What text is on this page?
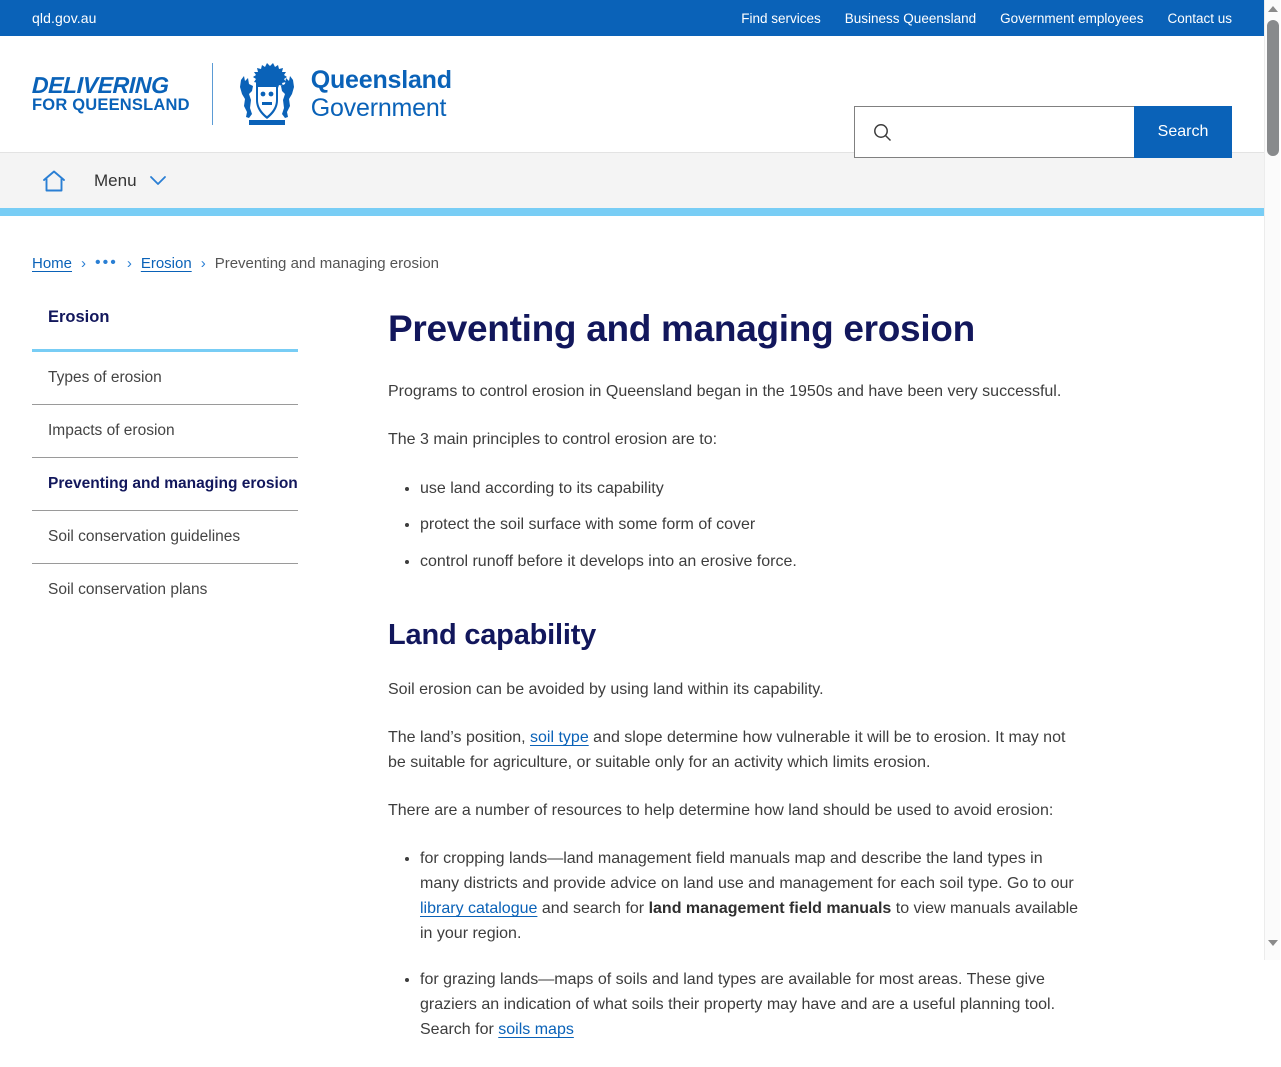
qld.gov.au	Find services Business Queensland Government employees Contact us
DELIVERING
FOR QUEENSLAND
Queensland
Government
Search
Menu
Home › ••• › Erosion › Preventing and managing erosion
Erosion
Types of erosion
Impacts of erosion
Preventing and managing erosion
Soil conservation guidelines
Soil conservation plans
Preventing and managing erosion

Programs to control erosion in Queensland began in the 1950s and have been very successful.

The 3 main principles to control erosion are to:

• use land according to its capability
• protect the soil surface with some form of cover
• control runoff before it develops into an erosive force.
Land capability

Soil erosion can be avoided by using land within its capability.

The land’s position, soil type and slope determine how vulnerable it will be to erosion. It may not be suitable for agriculture, or suitable only for an activity which limits erosion.

There are a number of resources to help determine how land should be used to avoid erosion:

• for cropping lands—land management field manuals map and describe the land types in many districts and provide advice on land use and management for each soil type. Go to our library catalogue and search for land management field manuals to view manuals available in your region.
• for grazing lands—maps of soils and land types are available for most areas. These give graziers an indication of what soils their property may have and are a useful planning tool. Search for soils maps
